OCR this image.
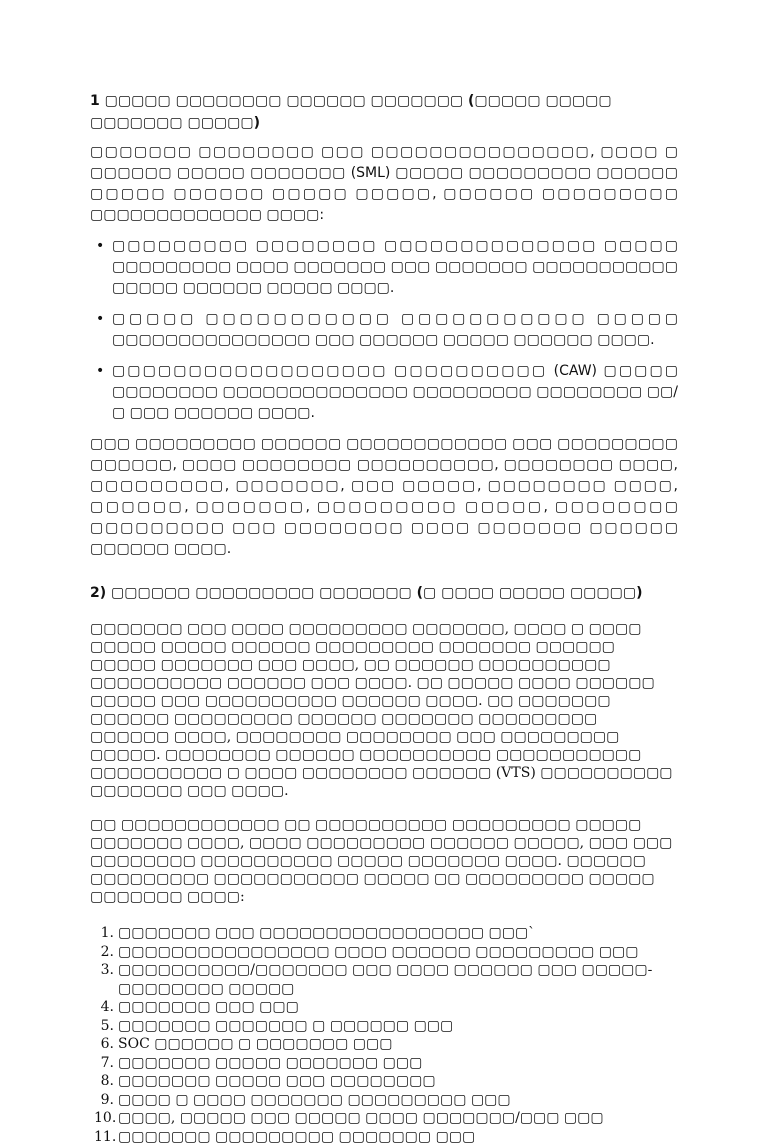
1 ▢▢▢▢▢ ▢▢▢▢▢▢▢▢ ▢▢▢▢▢▢ ▢▢▢▢▢▢▢ (▢▢▢▢▢ ▢▢▢▢▢ ▢▢▢▢▢▢▢ ▢▢▢▢▢)

▢▢▢▢▢▢▢ ▢▢▢▢▢▢▢▢ ▢▢▢ ▢▢▢▢▢▢▢▢▢▢▢▢▢▢▢, ▢▢▢▢ ▢ ▢▢▢▢▢▢ ▢▢▢▢▢ ▢▢▢▢▢▢▢ (SML) ▢▢▢▢▢ ▢▢▢▢▢▢▢▢▢ ▢▢▢▢▢▢ ▢▢▢▢▢ ▢▢▢▢▢▢ ▢▢▢▢▢ ▢▢▢▢▢, ▢▢▢▢▢▢ ▢▢▢▢▢▢▢▢▢ ▢▢▢▢▢▢▢▢▢▢▢▢▢ ▢▢▢▢:

• ▢▢▢▢▢▢▢▢▢ ▢▢▢▢▢▢▢▢ ▢▢▢▢▢▢▢▢▢▢▢▢▢▢ ▢▢▢▢▢ ▢▢▢▢▢▢▢▢▢ ▢▢▢▢ ▢▢▢▢▢▢▢ ▢▢▢ ▢▢▢▢▢▢▢ ▢▢▢▢▢▢▢▢▢▢▢ ▢▢▢▢▢ ▢▢▢▢▢▢ ▢▢▢▢▢ ▢▢▢▢.
• ▢▢▢▢▢ ▢▢▢▢▢▢▢▢▢▢▢ ▢▢▢▢▢▢▢▢▢▢▢ ▢▢▢▢▢ ▢▢▢▢▢▢▢▢▢▢▢▢▢▢▢ ▢▢▢ ▢▢▢▢▢▢ ▢▢▢▢▢ ▢▢▢▢▢▢ ▢▢▢▢.
• ▢▢▢▢▢▢▢▢▢▢▢▢▢▢▢▢▢▢ ▢▢▢▢▢▢▢▢▢▢ (CAW) ▢▢▢▢▢ ▢▢▢▢▢▢▢▢ ▢▢▢▢▢▢▢▢▢▢▢▢▢▢ ▢▢▢▢▢▢▢▢▢ ▢▢▢▢▢▢▢▢ ▢▢/▢ ▢▢▢ ▢▢▢▢▢▢ ▢▢▢▢.

▢▢▢ ▢▢▢▢▢▢▢▢▢ ▢▢▢▢▢▢ ▢▢▢▢▢▢▢▢▢▢▢▢ ▢▢▢ ▢▢▢▢▢▢▢▢▢ ▢▢▢▢▢▢, ▢▢▢▢ ▢▢▢▢▢▢▢▢ ▢▢▢▢▢▢▢▢▢▢, ▢▢▢▢▢▢▢▢ ▢▢▢▢, ▢▢▢▢▢▢▢▢▢, ▢▢▢▢▢▢▢, ▢▢▢ ▢▢▢▢▢, ▢▢▢▢▢▢▢▢ ▢▢▢▢, ▢▢▢▢▢▢, ▢▢▢▢▢▢▢, ▢▢▢▢▢▢▢▢▢ ▢▢▢▢▢, ▢▢▢▢▢▢▢▢ ▢▢▢▢▢▢▢▢▢ ▢▢▢ ▢▢▢▢▢▢▢▢ ▢▢▢▢ ▢▢▢▢▢▢▢ ▢▢▢▢▢▢ ▢▢▢▢▢▢ ▢▢▢▢.

2) ▢▢▢▢▢▢ ▢▢▢▢▢▢▢▢▢ ▢▢▢▢▢▢▢ (▢ ▢▢▢▢ ▢▢▢▢▢ ▢▢▢▢▢)

▢▢▢▢▢▢▢ ▢▢▢ ▢▢▢▢ ▢▢▢▢▢▢▢▢▢ ▢▢▢▢▢▢▢, ▢▢▢▢ ▢ ▢▢▢▢ ▢▢▢▢▢ ▢▢▢▢▢ ▢▢▢▢▢▢ ▢▢▢▢▢▢▢▢▢ ▢▢▢▢▢▢▢ ▢▢▢▢▢▢ ▢▢▢▢▢ ▢▢▢▢▢▢▢ ▢▢▢ ▢▢▢▢, ▢▢ ▢▢▢▢▢▢ ▢▢▢▢▢▢▢▢▢▢ ▢▢▢▢▢▢▢▢▢▢ ▢▢▢▢▢▢ ▢▢▢ ▢▢▢▢. ▢▢ ▢▢▢▢▢ ▢▢▢▢ ▢▢▢▢▢▢ ▢▢▢▢▢ ▢▢▢ ▢▢▢▢▢▢▢▢▢▢ ▢▢▢▢▢▢ ▢▢▢▢. ▢▢ ▢▢▢▢▢▢▢ ▢▢▢▢▢▢ ▢▢▢▢▢▢▢▢▢ ▢▢▢▢▢▢ ▢▢▢▢▢▢▢ ▢▢▢▢▢▢▢▢▢ ▢▢▢▢▢▢ ▢▢▢▢, ▢▢▢▢▢▢▢▢ ▢▢▢▢▢▢▢▢ ▢▢▢ ▢▢▢▢▢▢▢▢▢ ▢▢▢▢▢. ▢▢▢▢▢▢▢▢ ▢▢▢▢▢▢ ▢▢▢▢▢▢▢▢▢▢ ▢▢▢▢▢▢▢▢▢▢▢ ▢▢▢▢▢▢▢▢▢▢ ▢ ▢▢▢▢ ▢▢▢▢▢▢▢▢ ▢▢▢▢▢▢ (VTS) ▢▢▢▢▢▢▢▢▢▢ ▢▢▢▢▢▢▢ ▢▢▢ ▢▢▢▢.

▢▢ ▢▢▢▢▢▢▢▢▢▢▢▢ ▢▢ ▢▢▢▢▢▢▢▢▢▢ ▢▢▢▢▢▢▢▢▢ ▢▢▢▢▢ ▢▢▢▢▢▢▢ ▢▢▢▢, ▢▢▢▢ ▢▢▢▢▢▢▢▢▢ ▢▢▢▢▢▢ ▢▢▢▢▢, ▢▢▢ ▢▢▢ ▢▢▢▢▢▢▢▢ ▢▢▢▢▢▢▢▢▢▢ ▢▢▢▢▢ ▢▢▢▢▢▢▢ ▢▢▢▢. ▢▢▢▢▢▢ ▢▢▢▢▢▢▢▢▢ ▢▢▢▢▢▢▢▢▢▢▢ ▢▢▢▢▢ ▢▢ ▢▢▢▢▢▢▢▢▢ ▢▢▢▢▢ ▢▢▢▢▢▢▢ ▢▢▢▢:

1. ▢▢▢▢▢▢▢ ▢▢▢ ▢▢▢▢▢▢▢▢▢▢▢▢▢▢▢▢▢ ▢▢▢`
2. ▢▢▢▢▢▢▢▢▢▢▢▢▢▢▢▢ ▢▢▢▢ ▢▢▢▢▢▢ ▢▢▢▢▢▢▢▢▢ ▢▢▢
3. ▢▢▢▢▢▢▢▢▢▢/▢▢▢▢▢▢▢ ▢▢▢ ▢▢▢▢ ▢▢▢▢▢▢ ▢▢▢ ▢▢▢▢▢-▢▢▢▢▢▢▢▢ ▢▢▢▢▢
4. ▢▢▢▢▢▢▢ ▢▢▢ ▢▢▢
5. ▢▢▢▢▢▢▢ ▢▢▢▢▢▢▢ ▢ ▢▢▢▢▢▢ ▢▢▢
6. SOC ▢▢▢▢▢▢ ▢ ▢▢▢▢▢▢▢ ▢▢▢
7. ▢▢▢▢▢▢▢ ▢▢▢▢▢ ▢▢▢▢▢▢▢ ▢▢▢
8. ▢▢▢▢▢▢▢ ▢▢▢▢▢ ▢▢▢ ▢▢▢▢▢▢▢▢
9. ▢▢▢▢ ▢ ▢▢▢▢ ▢▢▢▢▢▢▢ ▢▢▢▢▢▢▢▢▢ ▢▢▢
10. ▢▢▢▢, ▢▢▢▢▢ ▢▢▢ ▢▢▢▢▢ ▢▢▢▢ ▢▢▢▢▢▢▢/▢▢▢ ▢▢▢
11. ▢▢▢▢▢▢▢ ▢▢▢▢▢▢▢▢▢ ▢▢▢▢▢▢▢ ▢▢▢
